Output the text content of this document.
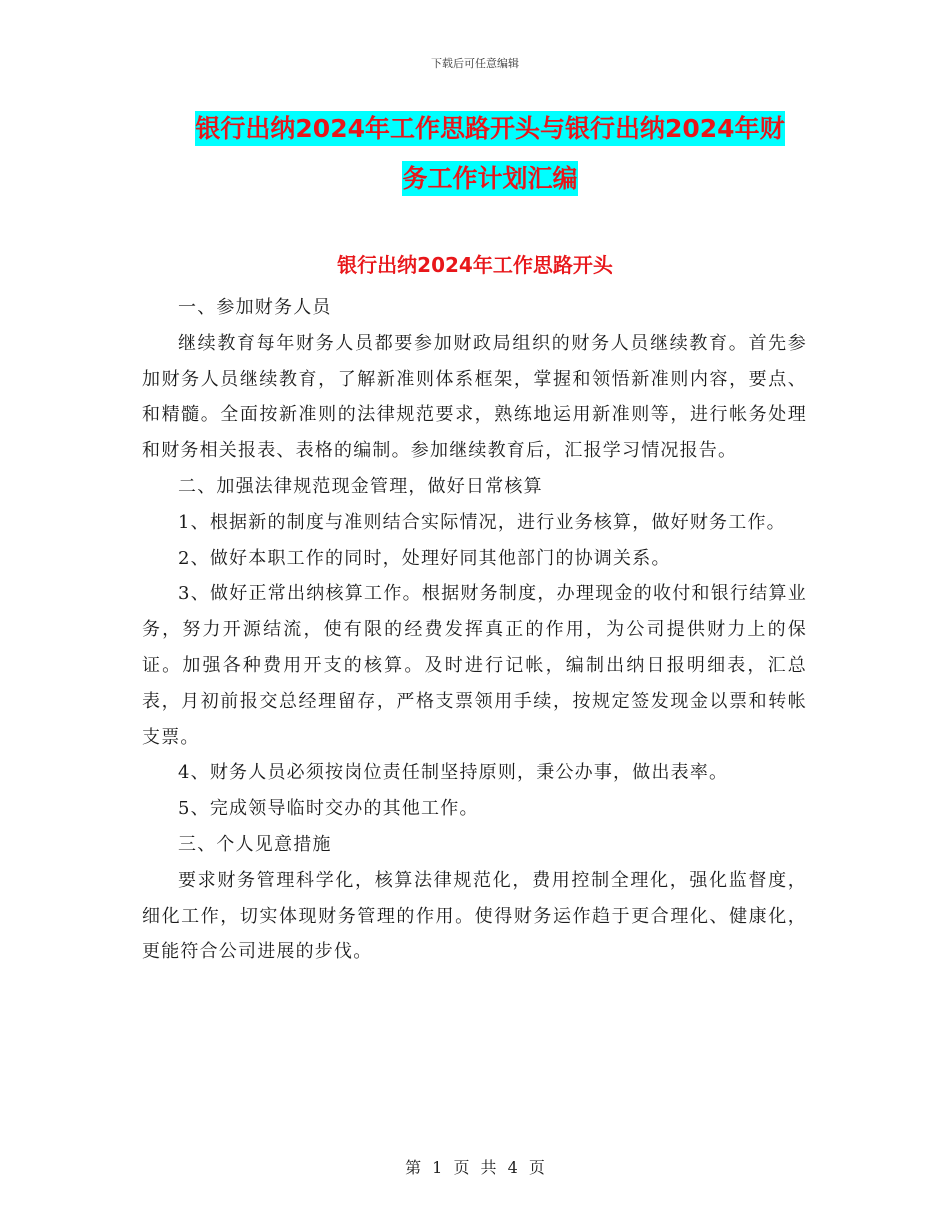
下载后可任意编辑
银行出纳2024年工作思路开头与银行出纳2024年财
务工作计划汇编
银行出纳2024年工作思路开头

一、参加财务人员

继续教育每年财务人员都要参加财政局组织的财务人员继续教育。首先参加财务人员继续教育，了解新准则体系框架，掌握和领悟新准则内容，要点、和精髓。全面按新准则的法律规范要求，熟练地运用新准则等，进行帐务处理和财务相关报表、表格的编制。参加继续教育后，汇报学习情况报告。

二、加强法律规范现金管理，做好日常核算

1、根据新的制度与准则结合实际情况，进行业务核算，做好财务工作。

2、做好本职工作的同时，处理好同其他部门的协调关系。

3、做好正常出纳核算工作。根据财务制度，办理现金的收付和银行结算业务，努力开源结流，使有限的经费发挥真正的作用，为公司提供财力上的保证。加强各种费用开支的核算。及时进行记帐，编制出纳日报明细表，汇总表，月初前报交总经理留存，严格支票领用手续，按规定签发现金以票和转帐支票。

4、财务人员必须按岗位责任制坚持原则，秉公办事，做出表率。

5、完成领导临时交办的其他工作。

三、个人见意措施

要求财务管理科学化，核算法律规范化，费用控制全理化，强化监督度，细化工作，切实体现财务管理的作用。使得财务运作趋于更合理化、健康化，更能符合公司进展的步伐。

第 1 页 共 4 页
